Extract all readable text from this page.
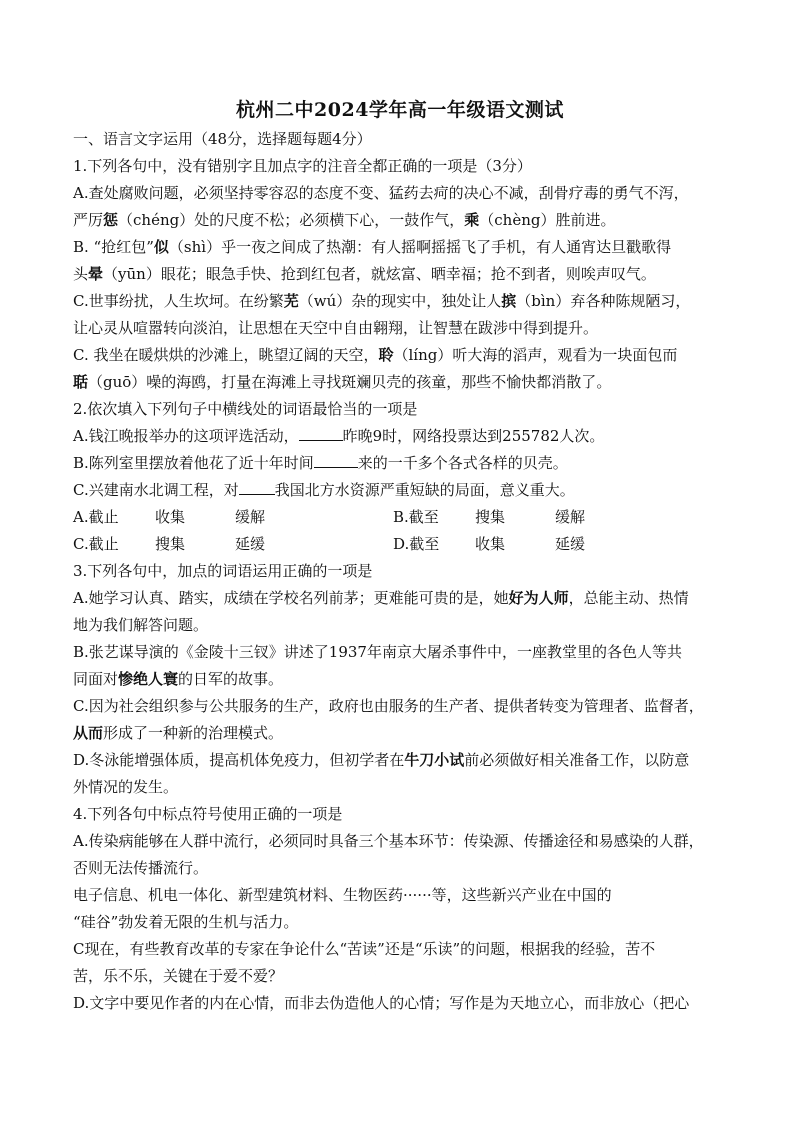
杭州二中2024学年高一年级语文测试

一、语言文字运用（48分，选择题每题4分）

1.下列各句中，没有错别字且加点字的注音全都正确的一项是（3分）

A.查处腐败问题，必须坚持零容忍的态度不变、猛药去疴的决心不减，刮骨疗毒的勇气不泻，
严厉惩（chéng）处的尺度不松；必须横下心，一鼓作气，乘（chèng）胜前进。

B. “抢红包”似（shì）乎一夜之间成了热潮：有人摇啊摇摇飞了手机，有人通宵达旦戳歌得
头晕（yūn）眼花；眼急手快、抢到红包者，就炫富、晒幸福；抢不到者，则唉声叹气。

C.世事纷扰，人生坎坷。在纷繁芜（wú）杂的现实中，独处让人摈（bìn）弃各种陈规陋习，
让心灵从喧嚣转向淡泊，让思想在天空中自由翱翔，让智慧在跋涉中得到提升。

C. 我坐在暖烘烘的沙滩上，眺望辽阔的天空，聆（líng）听大海的滔声，观看为一块面包而
聒（guō）噪的海鸥，打量在海滩上寻找斑斓贝壳的孩童，那些不愉快都消散了。

2.依次填入下列句子中横线处的词语最恰当的一项是

A.钱江晚报举办的这项评选活动，	昨晚9时，网络投票达到255782人次。

B.陈列室里摆放着他花了近十年时间	来的一千多个各式各样的贝壳。

C.兴建南水北调工程，对 我国北方水资源严重短缺的局面，意义重大。

A.截止	收集	缓解	B.截至	搜集	缓解
C.截止	搜集	延缓	D.截至	收集	延缓

3.下列各句中，加点的词语运用正确的一项是

A.她学习认真、踏实，成绩在学校名列前茅；更难能可贵的是，她好为人师，总能主动、热情
地为我们解答问题。

B.张艺谋导演的《金陵十三钗》讲述了1937年南京大屠杀事件中，一座教堂里的各色人等共
同面对惨绝人寰的日军的故事。

C.因为社会组织参与公共服务的生产，政府也由服务的生产者、提供者转变为管理者、监督者，
从而形成了一种新的治理模式。

D.冬泳能增强体质，提高机体免疫力，但初学者在牛刀小试前必须做好相关准备工作，以防意
外情况的发生。

4.下列各句中标点符号使用正确的一项是

A.传染病能够在人群中流行，必须同时具备三个基本环节：传染源、传播途径和易感染的人群，
否则无法传播流行。

电子信息、机电一体化、新型建筑材料、生物医药······等，这些新兴产业在中国的
“硅谷”勃发着无限的生机与活力。

C现在，有些教育改革的专家在争论什么“苦读”还是“乐读”的问题，根据我的经验，苦不
苦，乐不乐，关键在于爱不爱？

D.文字中要见作者的内在心情，而非去伪造他人的心情；写作是为天地立心，而非放心（把心
